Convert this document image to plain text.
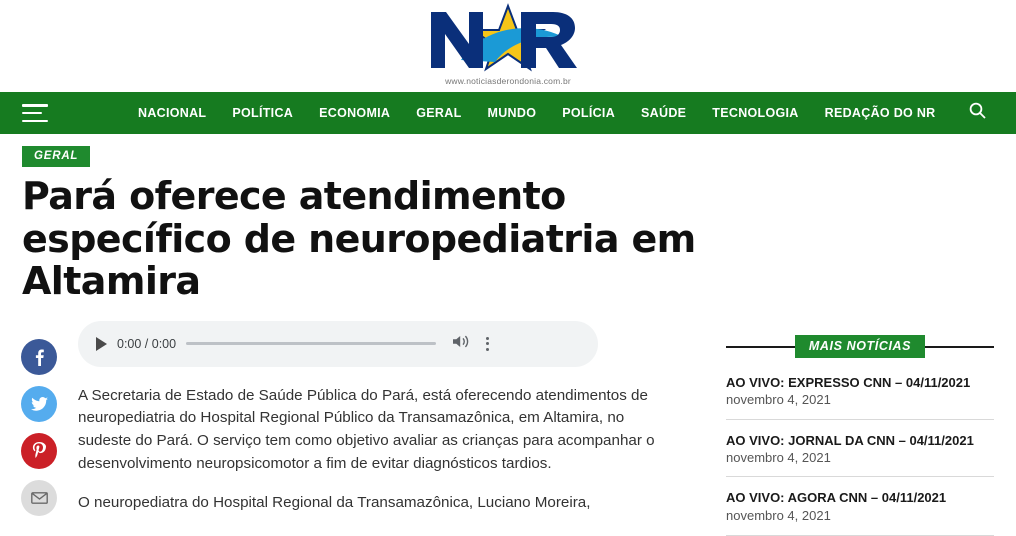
www.noticiasderondonia.com.br
NACIONAL POLÍTICA ECONOMIA GERAL MUNDO POLÍCIA SAÚDE TECNOLOGIA REDAÇÃO DO NR
GERAL
Pará oferece atendimento específico de neuropediatria em Altamira
0:00 / 0:00

A Secretaria de Estado de Saúde Pública do Pará, está oferecendo atendimentos de neuropediatria do Hospital Regional Público da Transamazônica, em Altamira, no sudeste do Pará. O serviço tem como objetivo avaliar as crianças para acompanhar o desenvolvimento neuropsicomotor a fim de evitar diagnósticos tardios.

O neuropediatra do Hospital Regional da Transamazônica, Luciano Moreira,

MAIS NOTÍCIAS
AO VIVO: EXPRESSO CNN – 04/11/2021
novembro 4, 2021
AO VIVO: JORNAL DA CNN – 04/11/2021
novembro 4, 2021
AO VIVO: AGORA CNN – 04/11/2021 novembro 4, 2021
